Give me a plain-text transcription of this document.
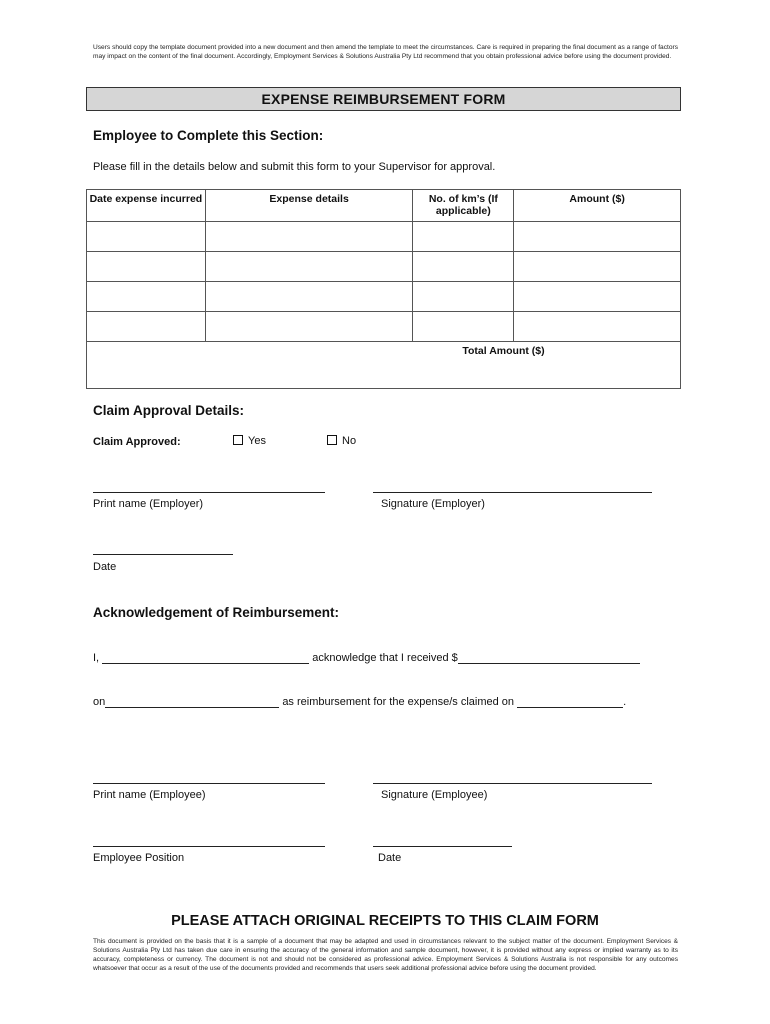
Users should copy the template document provided into a new document and then amend the template to meet the circumstances. Care is required in preparing the final document as a range of factors may impact on the content of the final document. Accordingly, Employment Services & Solutions Australia Pty Ltd recommend that you obtain professional advice before using the document provided.
EXPENSE REIMBURSEMENT FORM
Employee to Complete this Section:
Please fill in the details below and submit this form to your Supervisor for approval.
Date expense incurred	Expense details	No. of km’s (If applicable)	Amount ($)

Total Amount ($)			
Claim Approval Details:
Claim Approved:	Yes	No
Print name (Employer)	Signature (Employer)
Date
Acknowledgement of Reimbursement:
I,	acknowledge that I received $
on	as reimbursement for the expense/s claimed on	.
Print name (Employee)	Signature (Employee)
Employee Position	Date
PLEASE ATTACH ORIGINAL RECEIPTS TO THIS CLAIM FORM
This document is provided on the basis that it is a sample of a document that may be adapted and used in circumstances relevant to the subject matter of the document. Employment Services & Solutions Australia Pty Ltd has taken due care in ensuring the accuracy of the general information and sample document, however, it is provided without any express or implied warranty as to its accuracy, completeness or currency. The document is not and should not be considered as professional advice. Employment Services & Solutions Australia is not responsible for any outcomes whatsoever that occur as a result of the use of the documents provided and recommends that users seek additional professional advice before using the document provided.
